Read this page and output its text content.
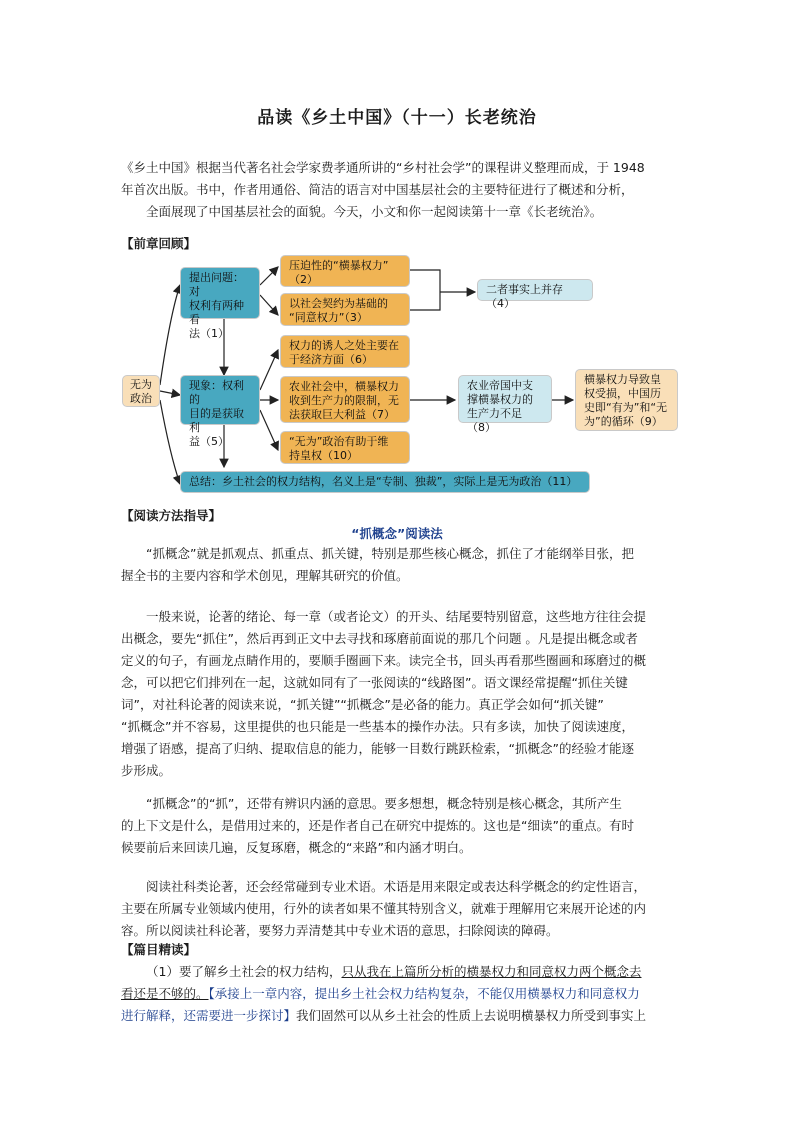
品读《乡土中国》（十一）长老统治

《乡土中国》根据当代著名社会学家费孝通所讲的“乡村社会学”的课程讲义整理而成，于 1948
年首次出版。书中，作者用通俗、简洁的语言对中国基层社会的主要特征进行了概述和分析，
全面展现了中国基层社会的面貌。今天，小文和你一起阅读第十一章《长老统治》。

【前章回顾】
无为
政治
提出问题：对
权利有两种看
法（1）
压迫性的“横暴权力”
（2）
以社会契约为基础的
“同意权力”（3）
二者事实上并存（4）
现象：权利的
目的是获取利
益（5）
权力的诱人之处主要在
于经济方面（6）
农业社会中，横暴权力
收到生产力的限制，无
法获取巨大利益（7）
“无为”政治有助于维
持皇权（10）
农业帝国中支
撑横暴权力的
生产力不足（8）
横暴权力导致皇
权受损，中国历
史即“有为”和“无
为”的循环（9）
总结：乡土社会的权力结构，名义上是“专制、独裁”，实际上是无为政治（11）
【阅读方法指导】
“抓概念”阅读法

“抓概念”就是抓观点、抓重点、抓关键，特别是那些核心概念，抓住了才能纲举目张，把
握全书的主要内容和学术创见，理解其研究的价值。

一般来说，论著的绪论、每一章（或者论文）的开头、结尾要特别留意，这些地方往往会提
出概念，要先“抓住”，然后再到正文中去寻找和琢磨前面说的那几个问题 。凡是提出概念或者
定义的句子，有画龙点睛作用的，要顺手圈画下来。读完全书，回头再看那些圈画和琢磨过的概
念，可以把它们排列在一起，这就如同有了一张阅读的“线路图”。语文课经常提醒“抓住关键
词”，对社科论著的阅读来说，“抓关键”“抓概念”是必备的能力。真正学会如何“抓关键”
“抓概念”并不容易，这里提供的也只能是一些基本的操作办法。只有多读，加快了阅读速度，
增强了语感，提高了归纳、提取信息的能力，能够一目数行跳跃检索，“抓概念”的经验才能逐
步形成。

“抓概念”的“抓”，还带有辨识内涵的意思。要多想想，概念特别是核心概念，其所产生
的上下文是什么，是借用过来的，还是作者自己在研究中提炼的。这也是“细读”的重点。有时
候要前后来回读几遍，反复琢磨，概念的“来路”和内涵才明白。

阅读社科类论著，还会经常碰到专业术语。术语是用来限定或表达科学概念的约定性语言，
主要在所属专业领域内使用，行外的读者如果不懂其特别含义，就难于理解用它来展开论述的内
容。所以阅读社科论著，要努力弄清楚其中专业术语的意思，扫除阅读的障碍。

【篇目精读】

（1）要了解乡土社会的权力结构，只从我在上篇所分析的横暴权力和同意权力两个概念去
看还是不够的。【承接上一章内容，提出乡土社会权力结构复杂，不能仅用横暴权力和同意权力
进行解释，还需要进一步探讨】我们固然可以从乡土社会的性质上去说明横暴权力所受到事实上
